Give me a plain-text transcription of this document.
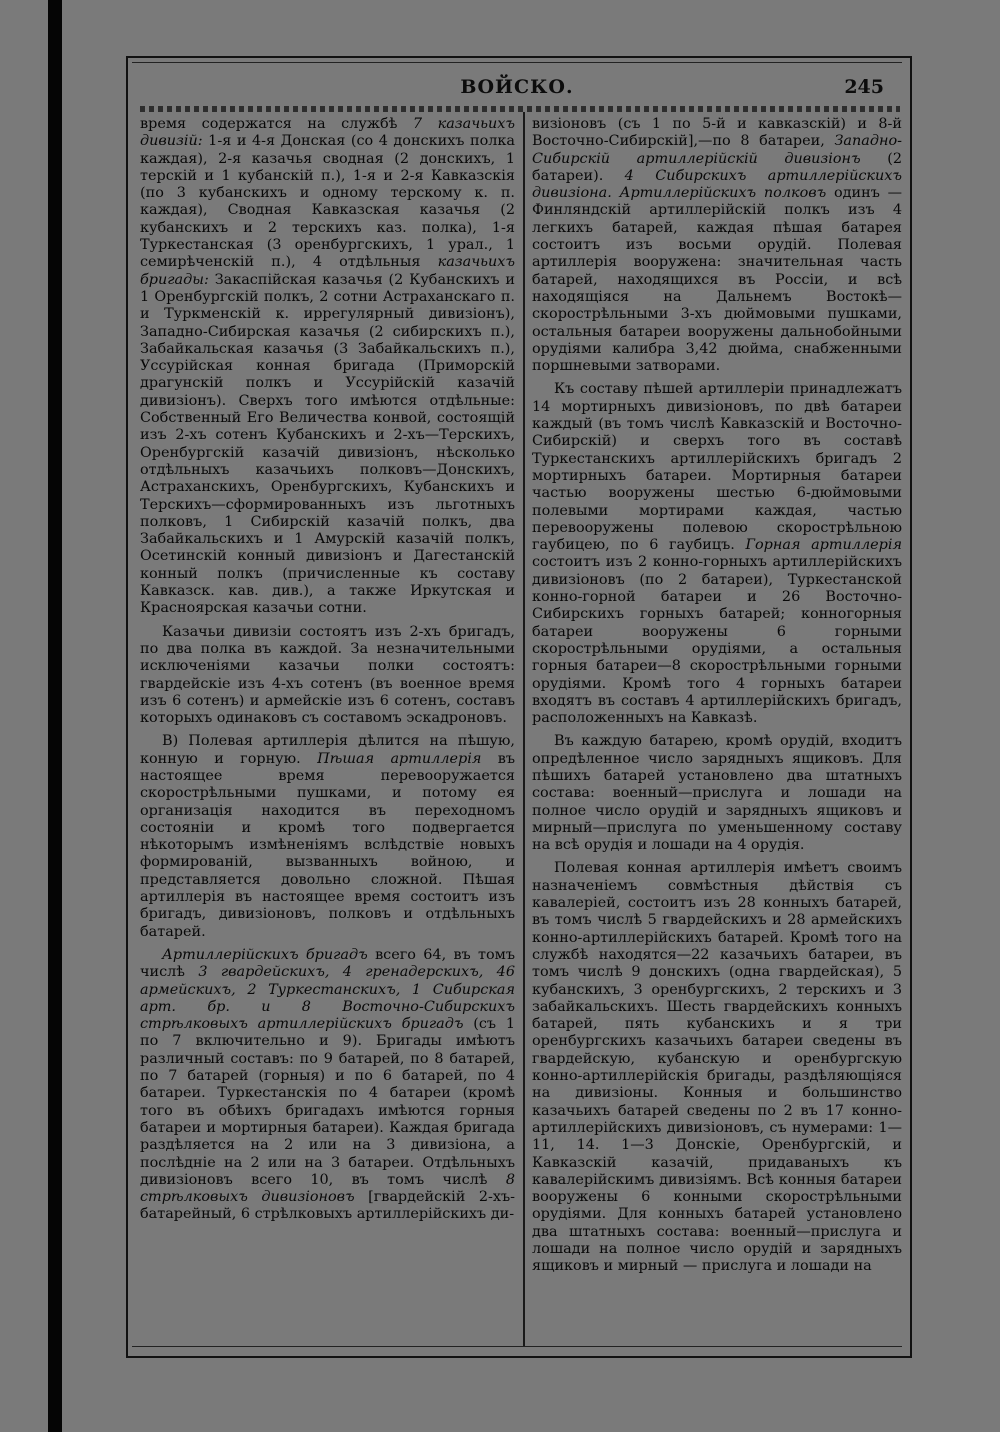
ВОЙСКО.	245

время содержатся на службѣ 7 казачьихъ дивизій: 1-я и 4-я Донская (со 4 донскихъ полка каждая), 2-я казачья сводная (2 донскихъ, 1 терскій и 1 кубанскій п.), 1-я и 2-я Кавказскія (по 3 кубанскихъ и одному терскому к. п. каждая), Сводная Кавказская казачья (2 кубанскихъ и 2 терскихъ каз. полка), 1-я Туркестанская (3 оренбургскихъ, 1 урал., 1 семирѣченскій п.), 4 отдѣльныя казачьихъ бригады: Закаспійская казачья (2 Кубанскихъ и 1 Оренбургскій полкъ, 2 сотни Астраханскаго п. и Туркменскій к. иррегулярный дивизіонъ), Западно-Сибирская казачья (2 сибирскихъ п.), Забайкальская казачья (3 Забайкальскихъ п.), Уссурійская конная бригада (Приморскій драгунскій полкъ и Уссурійскій казачій дивизіонъ). Сверхъ того имѣются отдѣльные: Собственный Его Величества конвой, состоящій изъ 2-хъ сотенъ Кубанскихъ и 2-хъ—Терскихъ, Оренбургскій казачій дивизіонъ, нѣсколько отдѣльныхъ казачьихъ полковъ—Донскихъ, Астраханскихъ, Оренбургскихъ, Кубанскихъ и Терскихъ—сформированныхъ изъ льготныхъ полковъ, 1 Сибирскій казачій полкъ, два Забайкальскихъ и 1 Амурскій казачій полкъ, Осетинскій конный дивизіонъ и Дагестанскій конный полкъ (причисленные къ составу Кавказск. кав. див.), а также Иркутская и Красноярская казачьи сотни.

Казачьи дивизіи состоятъ изъ 2-хъ бригадъ, по два полка въ каждой. За незначительными исключеніями казачьи полки состоятъ: гвардейскіе изъ 4-хъ сотенъ (въ военное время изъ 6 сотенъ) и армейскіе изъ 6 сотенъ, составъ которыхъ одинаковъ съ составомъ эскадроновъ.

В) Полевая артиллерія дѣлится на пѣшую, конную и горную. Пѣшая артиллерія въ настоящее время перевооружается скорострѣльными пушками, и потому ея организація находится въ переходномъ состояніи и кромѣ того подвергается нѣкоторымъ измѣненіямъ вслѣдствіе новыхъ формированій, вызванныхъ войною, и представляется довольно сложной. Пѣшая артиллерія въ настоящее время состоитъ изъ бригадъ, дивизіоновъ, полковъ и отдѣльныхъ батарей.

Артиллерійскихъ бригадъ всего 64, въ томъ числѣ 3 гвардейскихъ, 4 гренадерскихъ, 46 армейскихъ, 2 Туркестанскихъ, 1 Сибирская арт. бр. и 8 Восточно-Сибирскихъ стрѣлковыхъ артиллерійскихъ бригадъ (съ 1 по 7 включительно и 9). Бригады имѣютъ различный составъ: по 9 батарей, по 8 батарей, по 7 батарей (горныя) и по 6 батарей, по 4 батареи. Туркестанскія по 4 батареи (кромѣ того въ обѣихъ бригадахъ имѣются горныя батареи и мортирныя батареи). Каждая бригада раздѣляется на 2 или на 3 дивизіона, а послѣдніе на 2 или на 3 батареи. Отдѣльныхъ дивизіоновъ всего 10, въ томъ числѣ 8 стрѣлковыхъ дивизіоновъ [гвардейскій 2-хъ-батарейный, 6 стрѣлковыхъ артиллерійскихъ ди-

визіоновъ (съ 1 по 5-й и кавказскій) и 8-й Восточно-Сибирскій],—по 8 батареи, Западно-Сибирскій артиллерійскій дивизіонъ (2 батареи). 4 Сибирскихъ артиллерійскихъ дивизіона. Артиллерійскихъ полковъ одинъ —Финляндскій артиллерійскій полкъ изъ 4 легкихъ батарей, каждая пѣшая батарея состоитъ изъ восьми орудій. Полевая артиллерія вооружена: значительная часть батарей, находящихся въ Россіи, и всѣ находящіяся на Дальнемъ Востокѣ—скорострѣльными 3-хъ дюймовыми пушками, остальныя батареи вооружены дальнобойными орудіями калибра 3,42 дюйма, снабженными поршневыми затворами.

Къ составу пѣшей артиллеріи принадлежатъ 14 мортирныхъ дивизіоновъ, по двѣ батареи каждый (въ томъ числѣ Кавказскій и Восточно-Сибирскій) и сверхъ того въ составѣ Туркестанскихъ артиллерійскихъ бригадъ 2 мортирныхъ батареи. Мортирныя батареи частью вооружены шестью 6-дюймовыми полевыми мортирами каждая, частью перевооружены полевою скорострѣльною гаубицею, по 6 гаубицъ. Горная артиллерія состоитъ изъ 2 конно-горныхъ артиллерійскихъ дивизіоновъ (по 2 батареи), Туркестанской конно-горной батареи и 26 Восточно-Сибирскихъ горныхъ батарей; конногорныя батареи вооружены 6 горными скорострѣльными орудіями, а остальныя горныя батареи—8 скорострѣльными горными орудіями. Кромѣ того 4 горныхъ батареи входятъ въ составъ 4 артиллерійскихъ бригадъ, расположенныхъ на Кавказѣ.

Въ каждую батарею, кромѣ орудій, входитъ опредѣленное число зарядныхъ ящиковъ. Для пѣшихъ батарей установлено два штатныхъ состава: военный—прислуга и лошади на полное число орудій и зарядныхъ ящиковъ и мирный—прислуга по уменьшенному составу на всѣ орудія и лошади на 4 орудія.

Полевая конная артиллерія имѣетъ своимъ назначеніемъ совмѣстныя дѣйствія съ кавалеріей, состоитъ изъ 28 конныхъ батарей, въ томъ числѣ 5 гвардейскихъ и 28 армейскихъ конно-артиллерійскихъ батарей. Кромѣ того на службѣ находятся—22 казачьихъ батареи, въ томъ числѣ 9 донскихъ (одна гвардейская), 5 кубанскихъ, 3 оренбургскихъ, 2 терскихъ и 3 забайкальскихъ. Шесть гвардейскихъ конныхъ батарей, пять кубанскихъ и я три оренбургскихъ казачьихъ батареи сведены въ гвардейскую, кубанскую и оренбургскую конно-артиллерійскія бригады, раздѣляющіяся на дивизіоны. Конныя и большинство казачьихъ батарей сведены по 2 въ 17 конно-артиллерійскихъ дивизіоновъ, съ нумерами: 1—11, 14. 1—3 Донскіе, Оренбургскій, и Кавказскій казачій, придаваныхъ къ кавалерійскимъ дивизіямъ. Всѣ конныя батареи вооружены 6 конными скорострѣльными орудіями. Для конныхъ батарей установлено два штатныхъ состава: военный—прислуга и лошади на полное число орудій и зарядныхъ ящиковъ и мирный — прислуга и лошади на
